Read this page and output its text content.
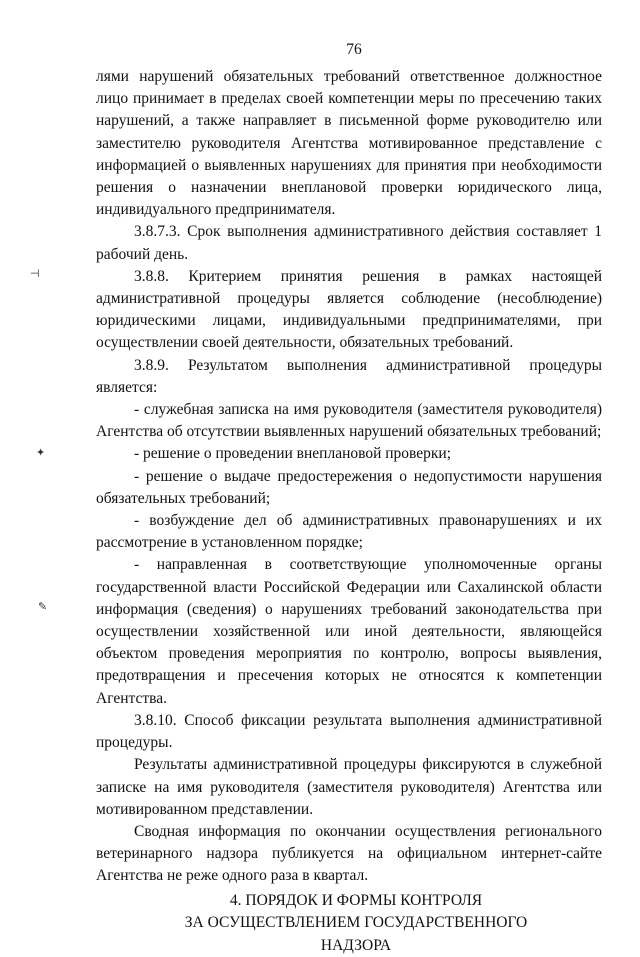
⊣
✦
✎
76

лями нарушений обязательных требований ответственное должностное лицо принимает в пределах своей компетенции меры по пресечению таких нарушений, а также направляет в письменной форме руководителю или заместителю руководителя Агентства мотивированное представление с информацией о выявленных нарушениях для принятия при необходимости решения о назначении внеплановой проверки юридического лица, индивидуального предпринимателя.

3.8.7.3. Срок выполнения административного действия составляет 1 рабочий день.

3.8.8. Критерием принятия решения в рамках настоящей административной процедуры является соблюдение (несоблюдение) юридическими лицами, индивидуальными предпринимателями, при осуществлении своей деятельности, обязательных требований.

3.8.9. Результатом выполнения административной процедуры является:

- служебная записка на имя руководителя (заместителя руководителя) Агентства об отсутствии выявленных нарушений обязательных требований;

- решение о проведении внеплановой проверки;

- решение о выдаче предостережения о недопустимости нарушения обязательных требований;

- возбуждение дел об административных правонарушениях и их рассмотрение в установленном порядке;

- направленная в соответствующие уполномоченные органы государственной власти Российской Федерации или Сахалинской области информация (сведения) о нарушениях требований законодательства при осуществлении хозяйственной или иной деятельности, являющейся объектом проведения мероприятия по контролю, вопросы выявления, предотвращения и пресечения которых не относятся к компетенции Агентства.

3.8.10. Способ фиксации результата выполнения административной процедуры.

Результаты административной процедуры фиксируются в служебной записке на имя руководителя (заместителя руководителя) Агентства или мотивированном представлении.

Сводная информация по окончании осуществления регионального ветеринарного надзора публикуется на официальном интернет-сайте Агентства не реже одного раза в квартал.

4. ПОРЯДОК И ФОРМЫ КОНТРОЛЯ
ЗА ОСУЩЕСТВЛЕНИЕМ ГОСУДАРСТВЕННОГО
НАДЗОРА
